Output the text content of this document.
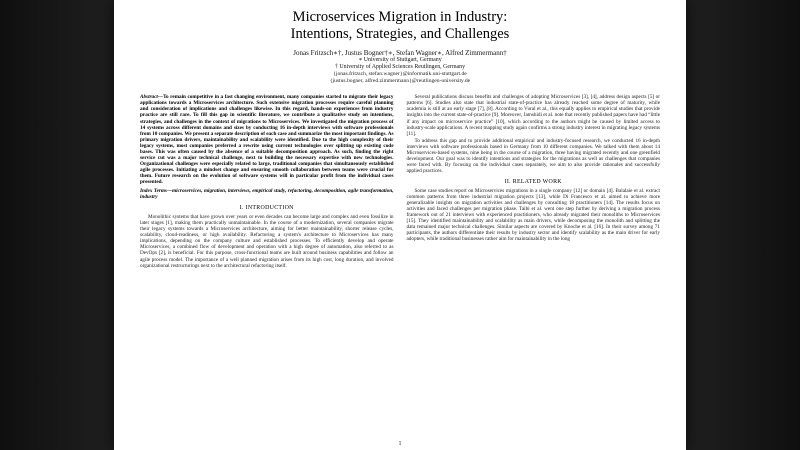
Microservices Migration in Industry:
Intentions, Strategies, and Challenges
Jonas Fritzsch∗†, Justus Bogner†∗, Stefan Wagner∗, Alfred Zimmermann†
∗ University of Stuttgart, Germany
† University of Applied Sciences Reutlingen, Germany
{jonas.fritzsch, stefan.wagner}@informatik.uni-stuttgart.de
{justus.bogner, alfred.zimmermann}@reutlingen-university.de

Abstract—To remain competitive in a fast changing environment, many companies started to migrate their legacy applications towards a Microservices architecture. Such extensive migration processes require careful planning and consideration of implications and challenges likewise. In this regard, hands-on experiences from industry practice are still rare. To fill this gap in scientific literature, we contribute a qualitative study on intentions, strategies, and challenges in the context of migrations to Microservices. We investigated the migration process of 14 systems across different domains and sizes by conducting 16 in-depth interviews with software professionals from 10 companies. We present a separate description of each case and summarize the most important findings. As primary migration drivers, maintainability and scalability were identified. Due to the high complexity of their legacy systems, most companies preferred a rewrite using current technologies over splitting up existing code bases. This was often caused by the absence of a suitable decomposition approach. As such, finding the right service cut was a major technical challenge, next to building the necessary expertise with new technologies. Organizational challenges were especially related to large, traditional companies that simultaneously established agile processes. Initiating a mindset change and ensuring smooth collaboration between teams were crucial for them. Future research on the evolution of software systems will in particular profit from the individual cases presented.

Index Terms—microservices, migration, interviews, empirical study, refactoring, decomposition, agile transformation, industry

I. INTRODUCTION

Monolithic systems that have grown over years or even decades can become large and complex and even fossilize in later stages [1], making them practically unmaintainable. In the course of a modernization, several companies migrate their legacy systems towards a Microservices architecture, aiming for better maintainability, shorter release cycles, scalability, cloud-readiness, or high availability. Refactoring a system's architecture to Microservices has many implications, depending on the company culture and established processes. To efficiently develop and operate Microservices, a combined flow of development and operation with a high degree of automation, also referred to as DevOps [2], is beneficial. For this purpose, cross-functional teams are built around business capabilities and follow an agile process model. The importance of a well planned migration arises from its high cost, long duration, and involved organizational restructurings next to the architectural refactoring itself.

Several publications discuss benefits and challenges of adopting Microservices [3], [4], address design aspects [5] or patterns [6]. Studies also state that industrial state-of-practice has already reached some degree of maturity, while academia is still at an early stage [7], [8]. According to Vural et al., this equally applies to empirical studies that provide insights into the current state-of-practice [9]. Moreover, Jamshidi et al. note that recently published papers have had “little if any impact on microservice practice” [10], which according to the authors might be caused by limited access to industry-scale applications. A recent mapping study again confirms a strong industry interest in migrating legacy systems [11].

To address this gap and to provide additional empirical and industry-focused research, we conducted 16 in-depth interviews with software professionals based in Germany from 10 different companies. We talked with them about 14 Microservices-based systems, nine being in the course of a migration, three having migrated recently and one greenfield development. Our goal was to identify intentions and strategies for the migrations as well as challenges that companies were faced with. By focusing on the individual cases separately, we aim to also provide rationales and successfully applied practices.

II. RELATED WORK

Some case studies report on Microservices migrations in a single company [12] or domain [4]. Balalaie et al. extract common patterns from three industrial migration projects [13], while Di Francesco et al. aimed to achieve more generalizable insights on migration activities and challenges by consulting 18 practitioners [14]. The results focus on activities and faced challenges per migration phase. Taibi et al. went one step further by deriving a migration process framework out of 21 interviews with experienced practitioners, who already migrated their monoliths to Microservices [15]. They identified maintainability and scalability as main drivers, while decomposing the monolith and splitting the data remained major technical challenges. Similar aspects are covered by Knoche et al. [16]. In their survey among 71 participants, the authors differentiate their results by industry sector and identify scalability as the main driver for early adopters, while traditional businesses rather aim for maintainability in the long

1
